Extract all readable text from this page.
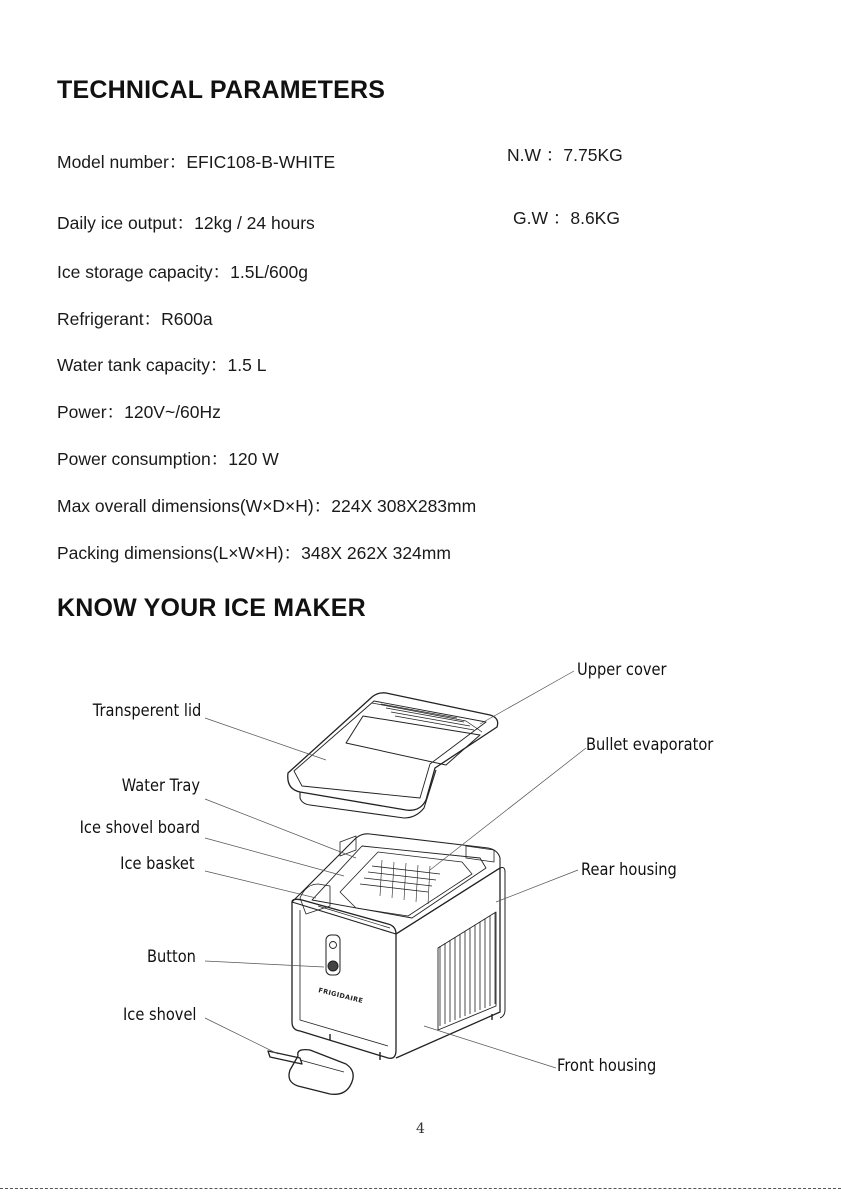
TECHNICAL PARAMETERS
Model number：EFIC108-B-WHITE	N.W ：7.75KG
Daily ice output：12kg / 24 hours	G.W ：8.6KG
Ice storage capacity：1.5L/600g
Refrigerant：R600a
Water tank capacity：1.5 L
Power：120V~/60Hz
Power consumption：120 W
Max overall dimensions(W×D×H)：224X 308X283mm
Packing dimensions(L×W×H)：348X 262X 324mm
KNOW YOUR ICE MAKER
FRIGIDAIRE
Upper cover
Transperent lid
Bullet evaporator
Water Tray
Ice shovel board
Ice basket	Rear housing
Button
Ice shovel
Front housing
4
